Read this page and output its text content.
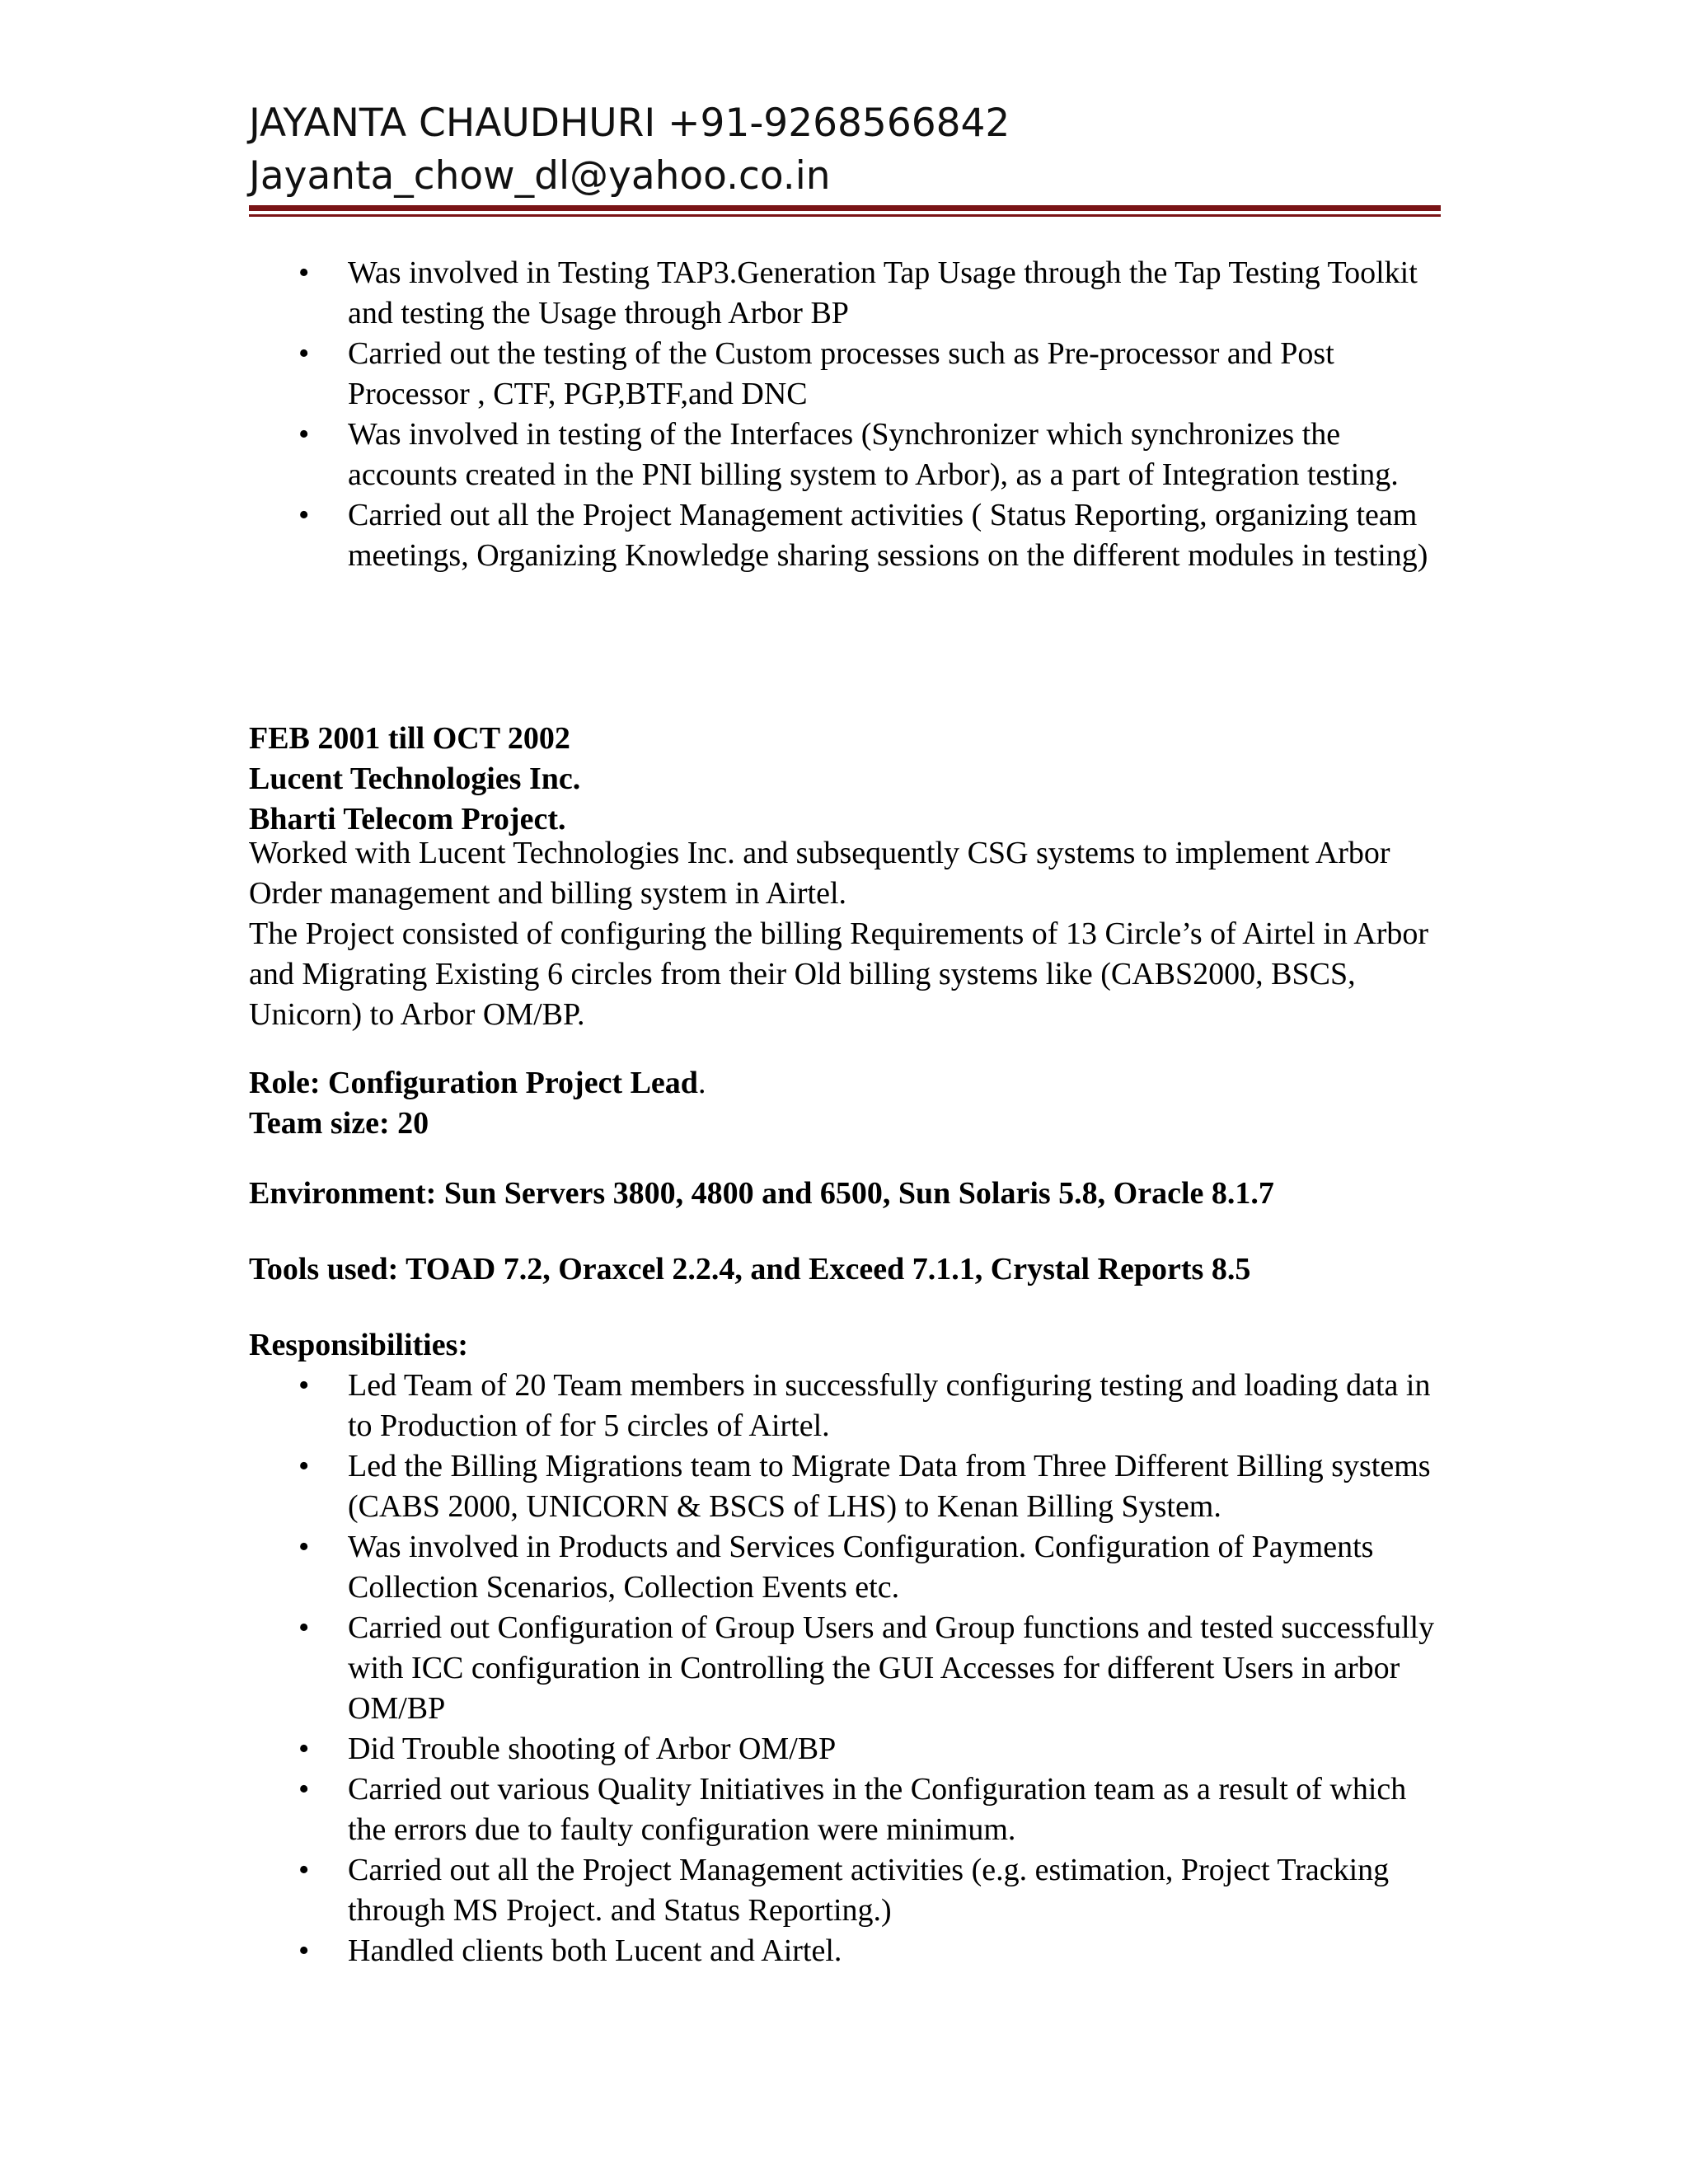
JAYANTA CHAUDHURI +91-9268566842
Jayanta_chow_dl@yahoo.co.in
• Was involved in Testing TAP3.Generation Tap Usage through the Tap Testing Toolkit and testing the Usage through Arbor BP
• Carried out the testing of the Custom processes such as Pre-processor and Post Processor , CTF, PGP,BTF,and DNC
• Was involved in testing of the Interfaces (Synchronizer which synchronizes the accounts created in the PNI billing system to Arbor), as a part of Integration testing.
• Carried out all the Project Management activities ( Status Reporting, organizing team meetings, Organizing Knowledge sharing sessions on the different modules in testing)
FEB 2001 till OCT 2002
Lucent Technologies Inc.
Bharti Telecom Project.
Worked with Lucent Technologies Inc. and subsequently CSG systems to implement Arbor Order management and billing system in Airtel.
The Project consisted of configuring the billing Requirements of 13 Circle’s of Airtel in Arbor and Migrating Existing 6 circles from their Old billing systems like (CABS2000, BSCS, Unicorn) to Arbor OM/BP.
Role: Configuration Project Lead.
Team size: 20
Environment: Sun Servers 3800, 4800 and 6500, Sun Solaris 5.8, Oracle 8.1.7
Tools used: TOAD 7.2, Oraxcel 2.2.4, and Exceed 7.1.1, Crystal Reports 8.5
Responsibilities:
• Led Team of 20 Team members in successfully configuring testing and loading data in to Production of for 5 circles of Airtel.
• Led the Billing Migrations team to Migrate Data from Three Different Billing systems (CABS 2000, UNICORN & BSCS of LHS) to Kenan Billing System.
• Was involved in Products and Services Configuration. Configuration of Payments Collection Scenarios, Collection Events etc.
• Carried out Configuration of Group Users and Group functions and tested successfully with ICC configuration in Controlling the GUI Accesses for different Users in arbor OM/BP
• Did Trouble shooting of Arbor OM/BP
• Carried out various Quality Initiatives in the Configuration team as a result of which the errors due to faulty configuration were minimum.
• Carried out all the Project Management activities (e.g. estimation, Project Tracking through MS Project. and Status Reporting.)
• Handled clients both Lucent and Airtel.
